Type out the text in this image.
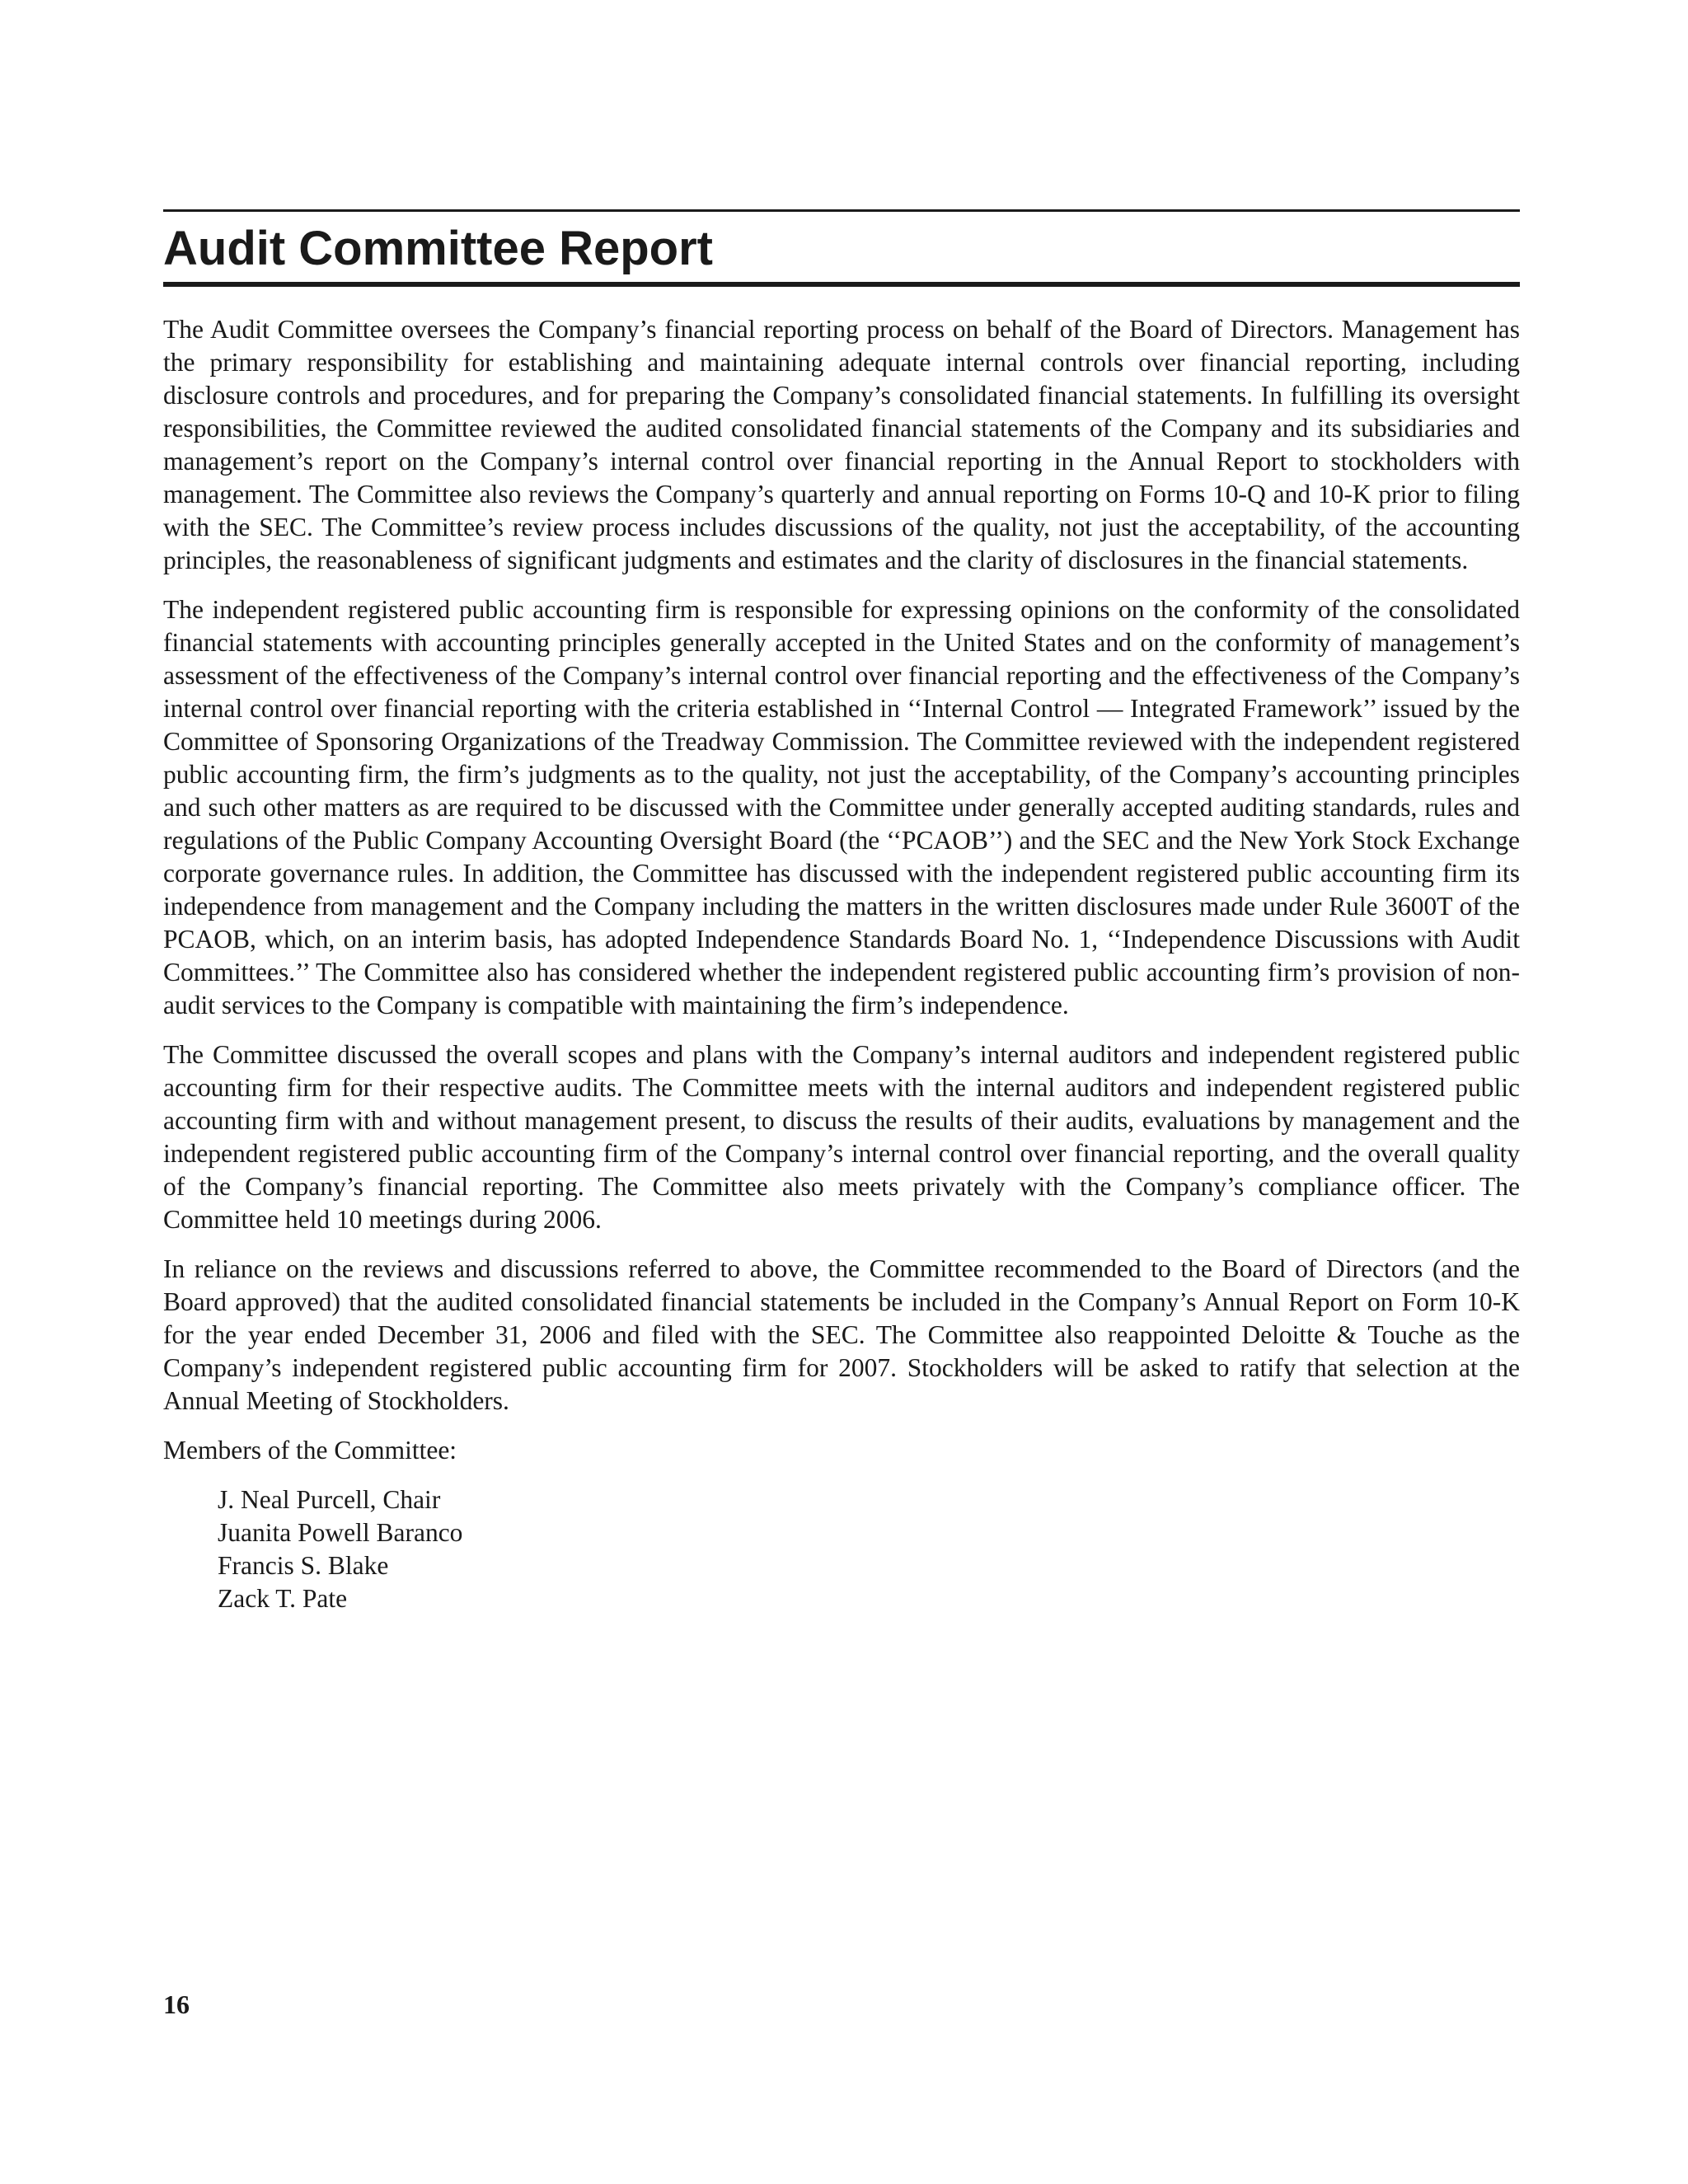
Audit Committee Report

The Audit Committee oversees the Company’s financial reporting process on behalf of the Board of Directors. Management has the primary responsibility for establishing and maintaining adequate internal controls over financial reporting, including disclosure controls and procedures, and for preparing the Company’s consolidated financial statements. In fulfilling its oversight responsibilities, the Committee reviewed the audited consolidated financial statements of the Company and its subsidiaries and management’s report on the Company’s internal control over financial reporting in the Annual Report to stockholders with management. The Committee also reviews the Company’s quarterly and annual reporting on Forms 10-Q and 10-K prior to filing with the SEC. The Committee’s review process includes discussions of the quality, not just the acceptability, of the accounting principles, the reasonableness of significant judgments and estimates and the clarity of disclosures in the financial statements.

The independent registered public accounting firm is responsible for expressing opinions on the conformity of the consolidated financial statements with accounting principles generally accepted in the United States and on the conformity of management’s assessment of the effectiveness of the Company’s internal control over financial reporting and the effectiveness of the Company’s internal control over financial reporting with the criteria established in ‘‘Internal Control — Integrated Framework’’ issued by the Committee of Sponsoring Organizations of the Treadway Commission. The Committee reviewed with the independent registered public accounting firm, the firm’s judgments as to the quality, not just the acceptability, of the Company’s accounting principles and such other matters as are required to be discussed with the Committee under generally accepted auditing standards, rules and regulations of the Public Company Accounting Oversight Board (the ‘‘PCAOB’’) and the SEC and the New York Stock Exchange corporate governance rules. In addition, the Committee has discussed with the independent registered public accounting firm its independence from management and the Company including the matters in the written disclosures made under Rule 3600T of the PCAOB, which, on an interim basis, has adopted Independence Standards Board No. 1, ‘‘Independence Discussions with Audit Committees.’’ The Committee also has considered whether the independent registered public accounting firm’s provision of non-audit services to the Company is compatible with maintaining the firm’s independence.

The Committee discussed the overall scopes and plans with the Company’s internal auditors and independent registered public accounting firm for their respective audits. The Committee meets with the internal auditors and independent registered public accounting firm with and without management present, to discuss the results of their audits, evaluations by management and the independent registered public accounting firm of the Company’s internal control over financial reporting, and the overall quality of the Company’s financial reporting. The Committee also meets privately with the Company’s compliance officer. The Committee held 10 meetings during 2006.

In reliance on the reviews and discussions referred to above, the Committee recommended to the Board of Directors (and the Board approved) that the audited consolidated financial statements be included in the Company’s Annual Report on Form 10-K for the year ended December 31, 2006 and filed with the SEC. The Committee also reappointed Deloitte & Touche as the Company’s independent registered public accounting firm for 2007. Stockholders will be asked to ratify that selection at the Annual Meeting of Stockholders.

Members of the Committee:

J. Neal Purcell, Chair
Juanita Powell Baranco
Francis S. Blake
Zack T. Pate
16
